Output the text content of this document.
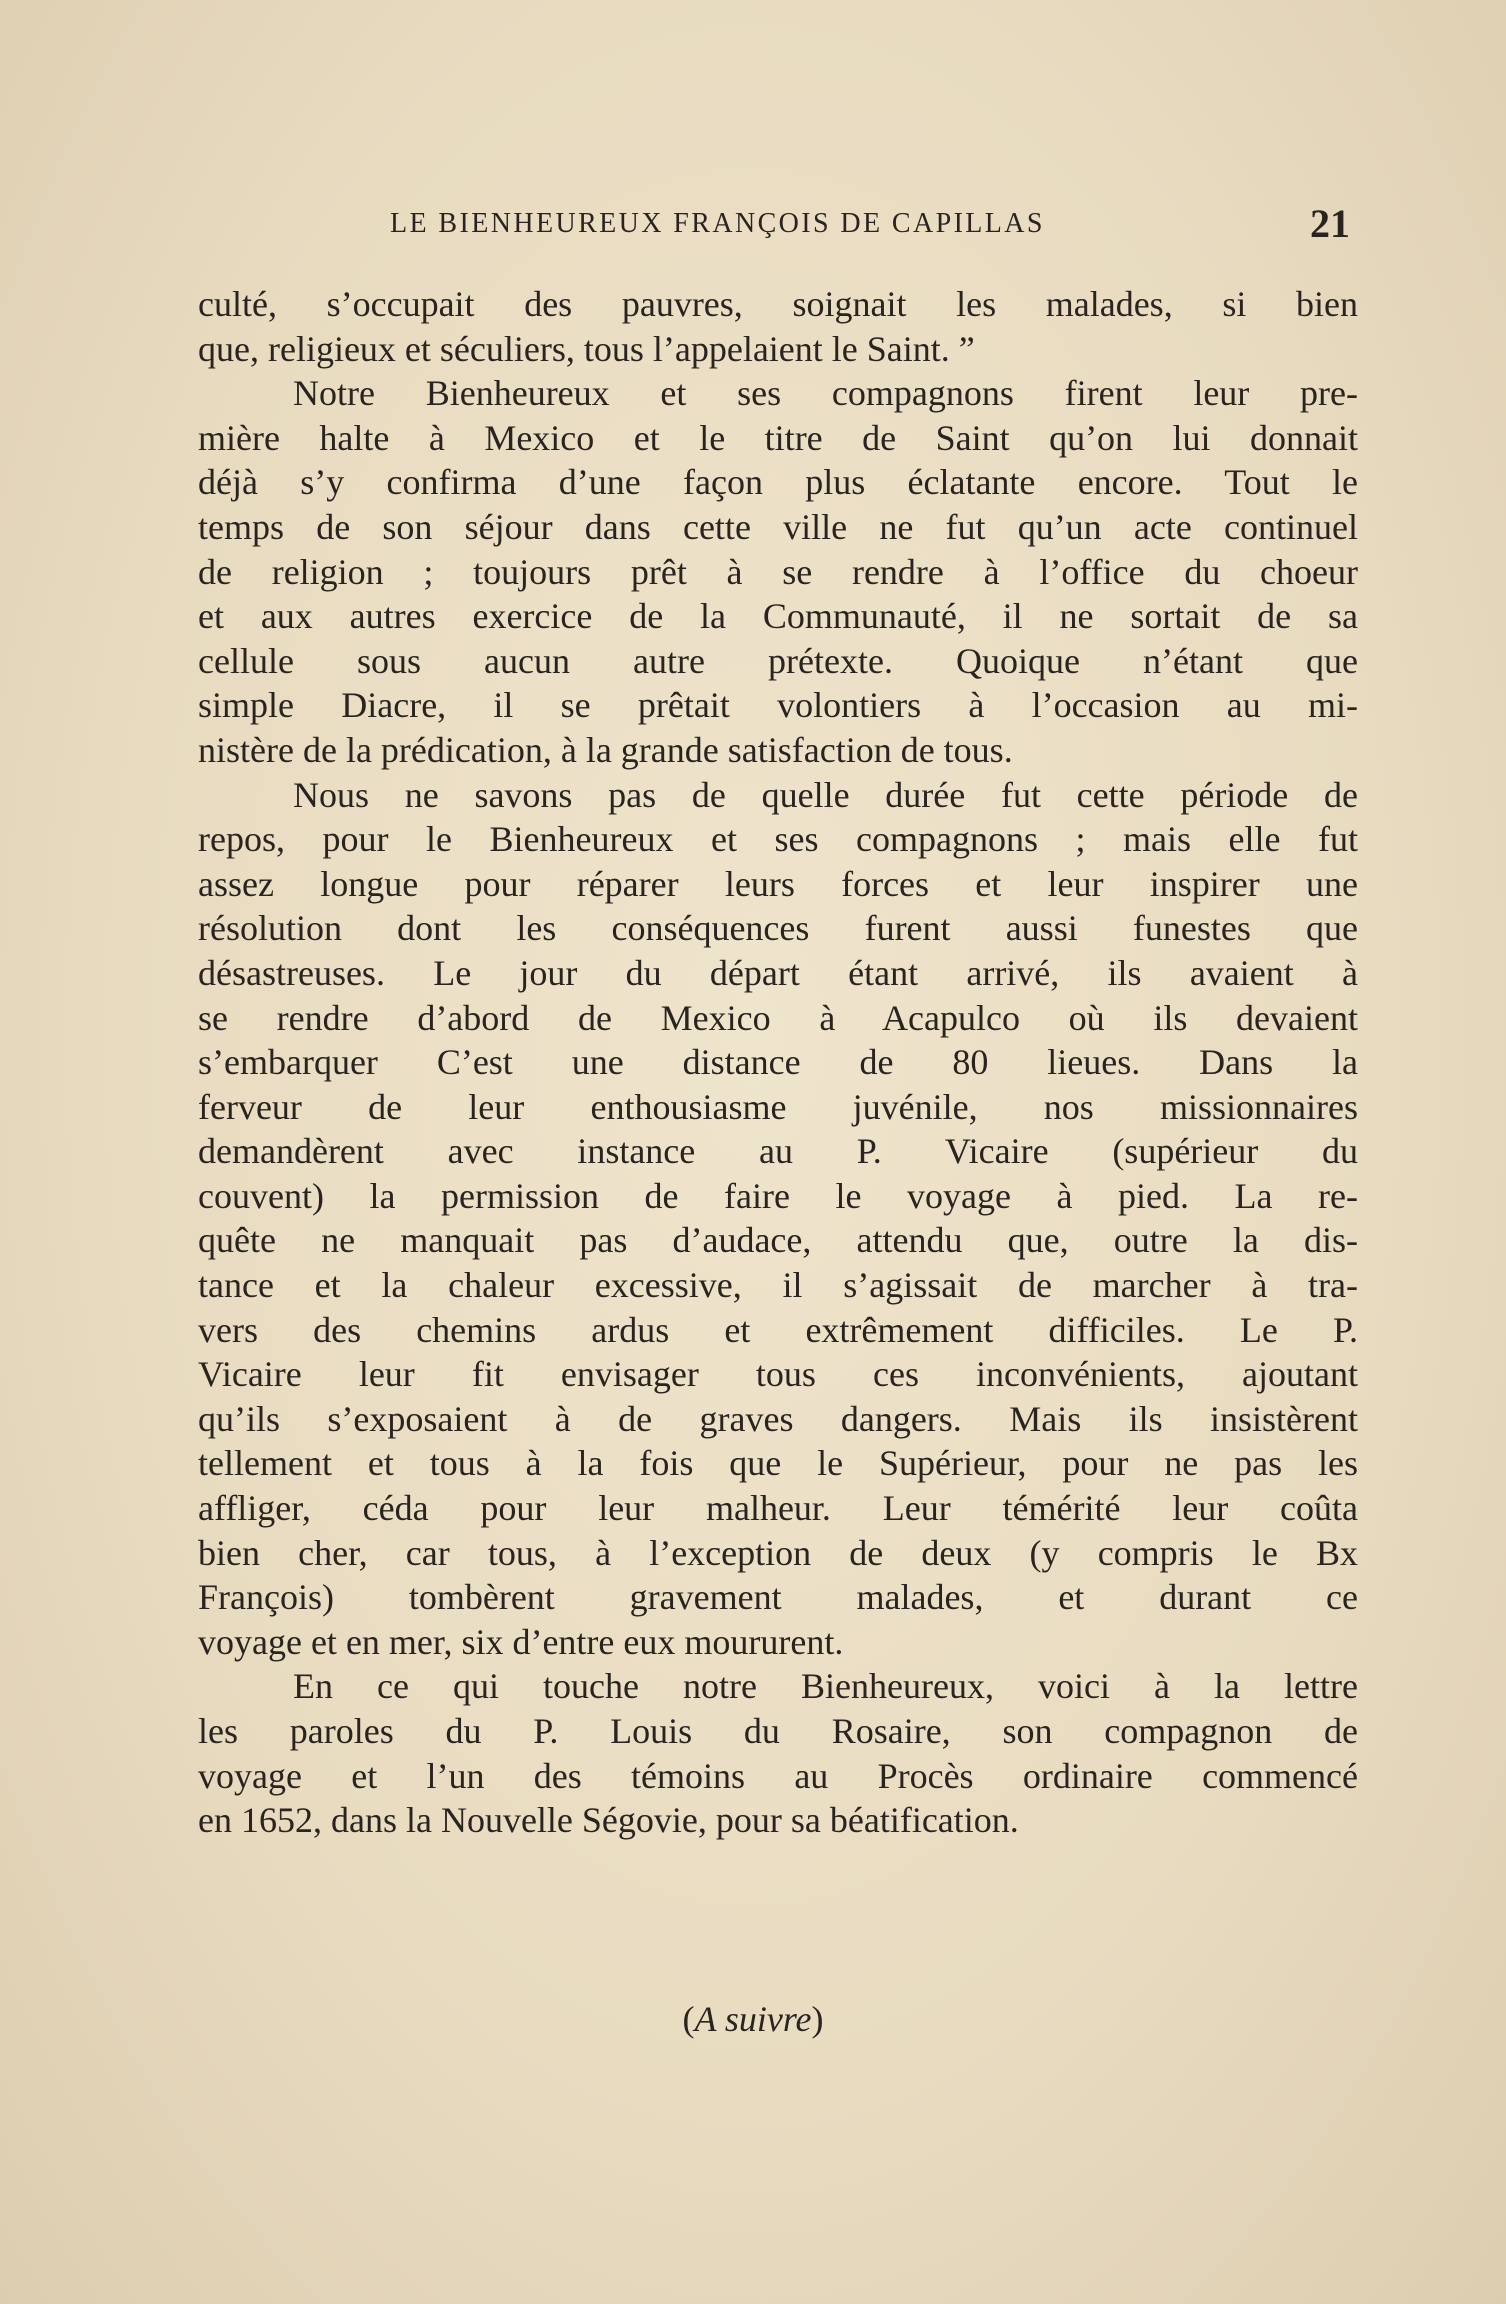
LE BIENHEUREUX FRANÇOIS DE CAPILLAS	21
culté, s’occupait des pauvres, soignait les malades, si bien
que, religieux et séculiers, tous l’appelaient le Saint. ”
Notre Bienheureux et ses compagnons firent leur pre-
mière halte à Mexico et le titre de Saint qu’on lui donnait
déjà s’y confirma d’une façon plus éclatante encore. Tout le
temps de son séjour dans cette ville ne fut qu’un acte continuel
de religion ; toujours prêt à se rendre à l’office du choeur
et aux autres exercice de la Communauté, il ne sortait de sa
cellule sous aucun autre prétexte. Quoique n’étant que
simple Diacre, il se prêtait volontiers à l’occasion au mi-
nistère de la prédication, à la grande satisfaction de tous.
Nous ne savons pas de quelle durée fut cette période de
repos, pour le Bienheureux et ses compagnons ; mais elle fut
assez longue pour réparer leurs forces et leur inspirer une
résolution dont les conséquences furent aussi funestes que
désastreuses. Le jour du départ étant arrivé, ils avaient à
se rendre d’abord de Mexico à Acapulco où ils devaient
s’embarquer C’est une distance de 80 lieues. Dans la
ferveur de leur enthousiasme juvénile, nos missionnaires
demandèrent avec instance au P. Vicaire (supérieur du
couvent) la permission de faire le voyage à pied. La re-
quête ne manquait pas d’audace, attendu que, outre la dis-
tance et la chaleur excessive, il s’agissait de marcher à tra-
vers des chemins ardus et extrêmement difficiles. Le P.
Vicaire leur fit envisager tous ces inconvénients, ajoutant
qu’ils s’exposaient à de graves dangers. Mais ils insistèrent
tellement et tous à la fois que le Supérieur, pour ne pas les
affliger, céda pour leur malheur. Leur témérité leur coûta
bien cher, car tous, à l’exception de deux (y compris le Bx
François) tombèrent gravement malades, et durant ce
voyage et en mer, six d’entre eux moururent.
En ce qui touche notre Bienheureux, voici à la lettre
les paroles du P. Louis du Rosaire, son compagnon de
voyage et l’un des témoins au Procès ordinaire commencé
en 1652, dans la Nouvelle Ségovie, pour sa béatification.
(A suivre)
